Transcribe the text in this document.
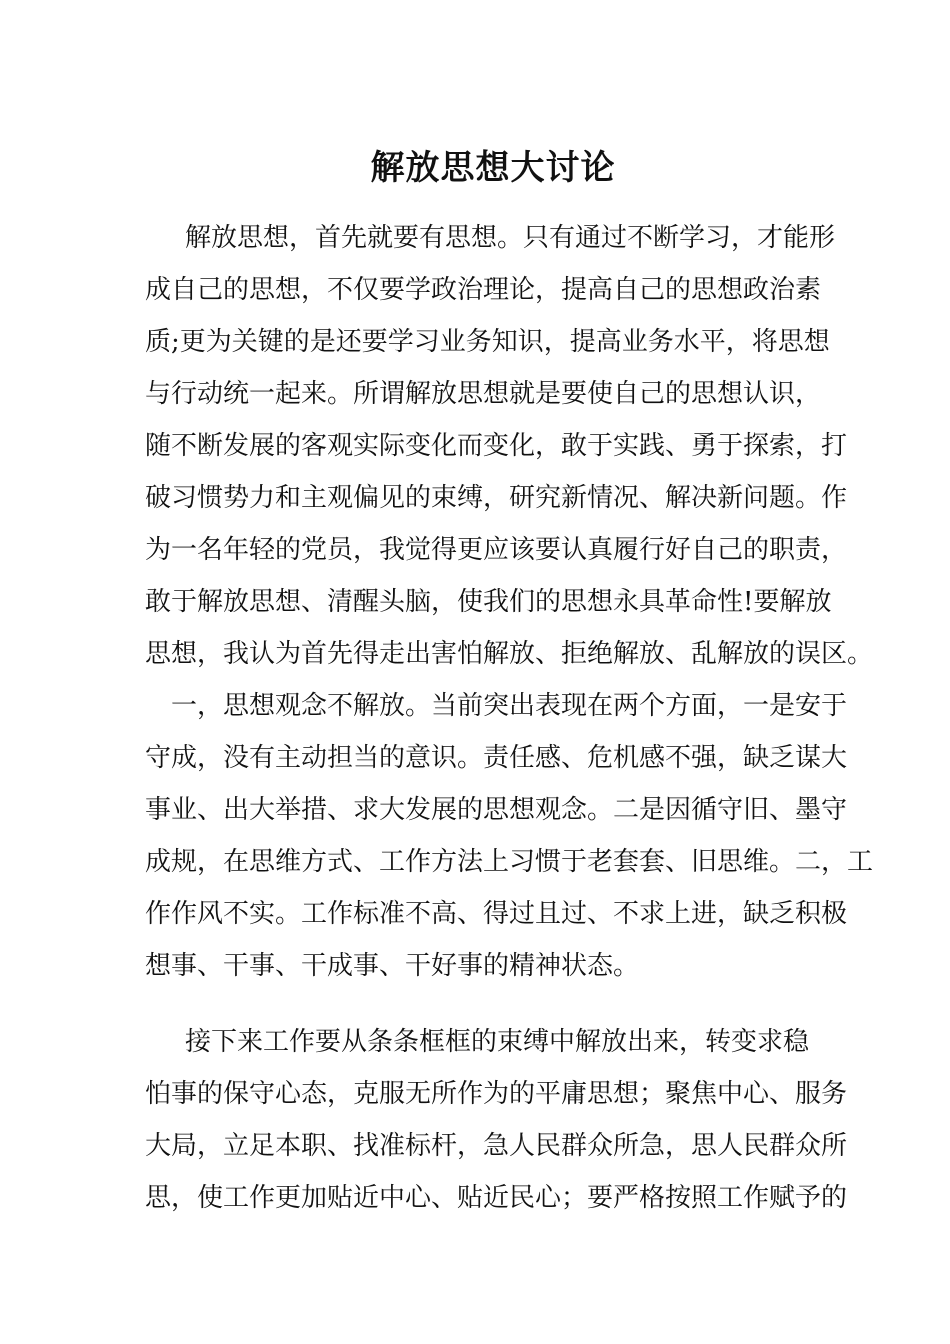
解放思想大讨论
　解放思想，首先就要有思想。只有通过不断学习，才能形
成自己的思想，不仅要学政治理论，提高自己的思想政治素
质;更为关键的是还要学习业务知识，提高业务水平，将思想
与行动统一起来。所谓解放思想就是要使自己的思想认识，
随不断发展的客观实际变化而变化，敢于实践、勇于探索，打
破习惯势力和主观偏见的束缚，研究新情况、解决新问题。作
为一名年轻的党员，我觉得更应该要认真履行好自己的职责，
敢于解放思想、清醒头脑，使我们的思想永具革命性!要解放
思想，我认为首先得走出害怕解放、拒绝解放、乱解放的误区。
一，思想观念不解放。当前突出表现在两个方面，一是安于
守成，没有主动担当的意识。责任感、危机感不强，缺乏谋大
事业、出大举措、求大发展的思想观念。二是因循守旧、墨守
成规，在思维方式、工作方法上习惯于老套套、旧思维。二，工
作作风不实。工作标准不高、得过且过、不求上进，缺乏积极
想事、干事、干成事、干好事的精神状态。
　接下来工作要从条条框框的束缚中解放出来，转变求稳
怕事的保守心态，克服无所作为的平庸思想；聚焦中心、服务
大局，立足本职、找准标杆，急人民群众所急，思人民群众所
思，使工作更加贴近中心、贴近民心；要严格按照工作赋予的
